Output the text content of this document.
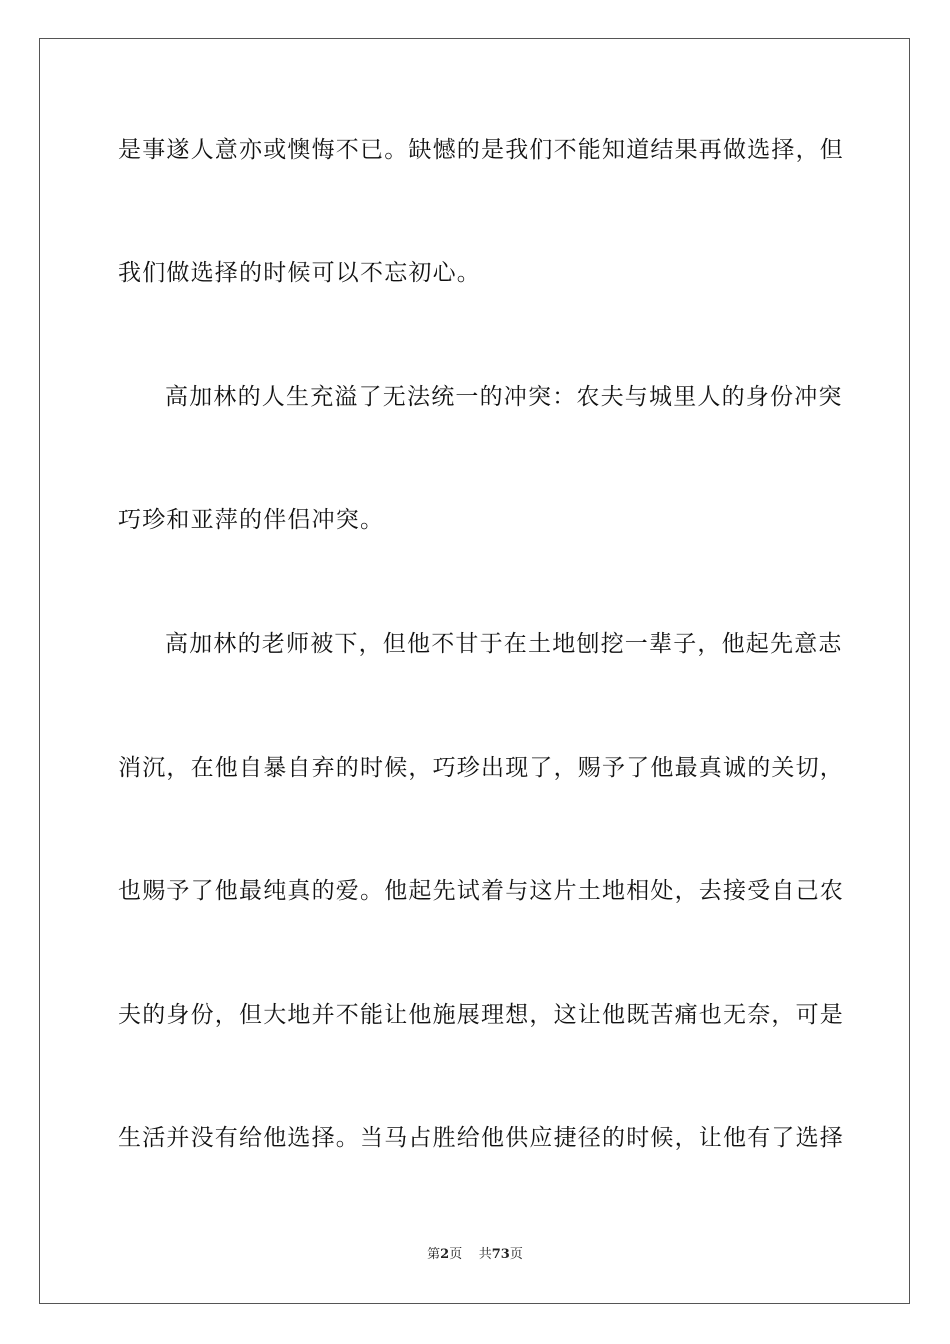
是事遂人意亦或懊悔不已。缺憾的是我们不能知道结果再做选择，但
我们做选择的时候可以不忘初心。
高加林的人生充溢了无法统一的冲突：农夫与城里人的身份冲突
巧珍和亚萍的伴侣冲突。
高加林的老师被下，但他不甘于在土地刨挖一辈子，他起先意志
消沉，在他自暴自弃的时候，巧珍出现了，赐予了他最真诚的关切，
也赐予了他最纯真的爱。他起先试着与这片土地相处，去接受自己农
夫的身份，但大地并不能让他施展理想，这让他既苦痛也无奈，可是
生活并没有给他选择。当马占胜给他供应捷径的时候，让他有了选择
第2页 共73页
